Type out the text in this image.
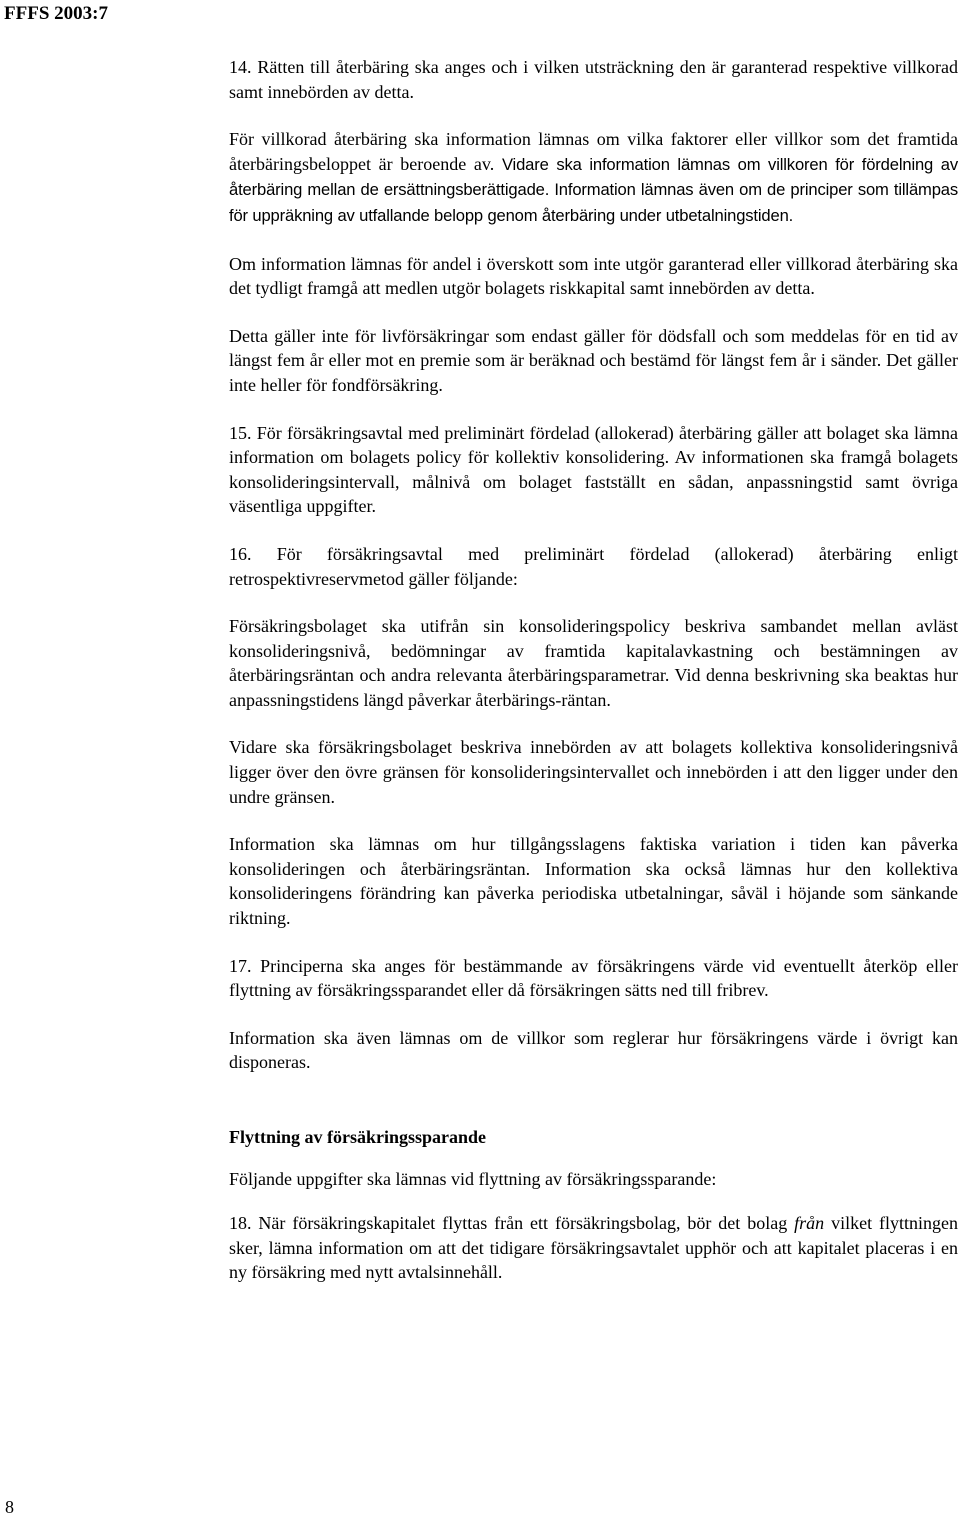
FFFS 2003:7

14. Rätten till återbäring ska anges och i vilken utsträckning den är garanterad respektive villkorad samt innebörden av detta.

För villkorad återbäring ska information lämnas om vilka faktorer eller villkor som det framtida återbäringsbeloppet är beroende av. Vidare ska information lämnas om villkoren för fördelning av återbäring mellan de ersättningsberättigade. Information lämnas även om de principer som tillämpas för uppräkning av utfallande belopp genom återbäring under utbetalningstiden.

Om information lämnas för andel i överskott som inte utgör garanterad eller villkorad återbäring ska det tydligt framgå att medlen utgör bolagets riskkapital samt innebörden av detta.

Detta gäller inte för livförsäkringar som endast gäller för dödsfall och som meddelas för en tid av längst fem år eller mot en premie som är beräknad och bestämd för längst fem år i sänder. Det gäller inte heller för fondförsäkring.

15. För försäkringsavtal med preliminärt fördelad (allokerad) återbäring gäller att bolaget ska lämna information om bolagets policy för kollektiv konsolidering. Av informationen ska framgå bolagets konsolideringsintervall, målnivå om bolaget fastställt en sådan, anpassningstid samt övriga väsentliga uppgifter.

16. För försäkringsavtal med preliminärt fördelad (allokerad) återbäring enligt retrospektivreservmetod gäller följande:

Försäkringsbolaget ska utifrån sin konsolideringspolicy beskriva sambandet mellan avläst konsolideringsnivå, bedömningar av framtida kapitalavkastning och bestämningen av återbäringsräntan och andra relevanta återbäringsparametrar. Vid denna beskrivning ska beaktas hur anpassningstidens längd påverkar återbärings-räntan.

Vidare ska försäkringsbolaget beskriva innebörden av att bolagets kollektiva konsolideringsnivå ligger över den övre gränsen för konsolideringsintervallet och innebörden i att den ligger under den undre gränsen.

Information ska lämnas om hur tillgångsslagens faktiska variation i tiden kan påverka konsolideringen och återbäringsräntan. Information ska också lämnas hur den kollektiva konsolideringens förändring kan påverka periodiska utbetalningar, såväl i höjande som sänkande riktning.

17. Principerna ska anges för bestämmande av försäkringens värde vid eventuellt återköp eller flyttning av försäkringssparandet eller då försäkringen sätts ned till fribrev.

Information ska även lämnas om de villkor som reglerar hur försäkringens värde i övrigt kan disponeras.

Flyttning av försäkringssparande

Följande uppgifter ska lämnas vid flyttning av försäkringssparande:

18. När försäkringskapitalet flyttas från ett försäkringsbolag, bör det bolag från vilket flyttningen sker, lämna information om att det tidigare försäkringsavtalet upphör och att kapitalet placeras i en ny försäkring med nytt avtalsinnehåll.

8
